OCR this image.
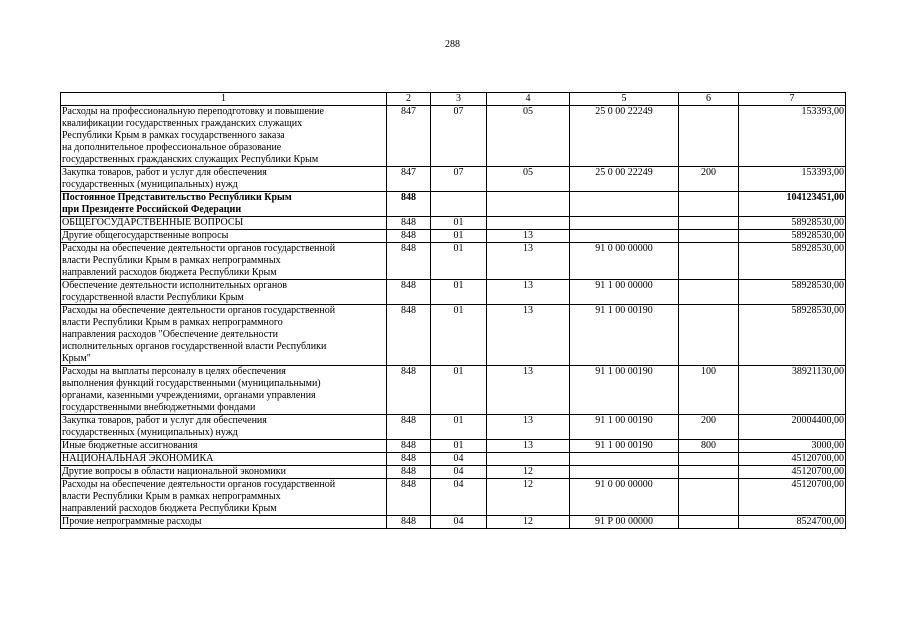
288
1	2	3	4	5	6	7

Расходы на профессиональную переподготовку и повышение
квалификации государственных гражданских служащих
Республики Крым в рамках государственного заказа
на дополнительное профессиональное образование
государственных гражданских служащих Республики Крым	847	07	05	25 0 00 22249		153393,00

Закупка товаров, работ и услуг для обеспечения
государственных (муниципальных) нужд	847	07	05	25 0 00 22249	200	153393,00

Постоянное Представительство Республики Крым
при Президенте Российской Федерации	848					104123451,00

ОБЩЕГОСУДАРСТВЕННЫЕ ВОПРОСЫ	848	01				58928530,00

Другие общегосударственные вопросы	848	01	13			58928530,00

Расходы на обеспечение деятельности органов государственной
власти Республики Крым в рамках непрограммных
направлений расходов бюджета Республики Крым	848	01	13	91 0 00 00000		58928530,00

Обеспечение деятельности исполнительных органов
государственной власти Республики Крым	848	01	13	91 1 00 00000		58928530,00

Расходы на обеспечение деятельности органов государственной
власти Республики Крым в рамках непрограммного
направления расходов "Обеспечение деятельности
исполнительных органов государственной власти Республики
Крым"	848	01	13	91 1 00 00190		58928530,00

Расходы на выплаты персоналу в целях обеспечения
выполнения функций государственными (муниципальными)
органами, казенными учреждениями, органами управления
государственными внебюджетными фондами	848	01	13	91 1 00 00190	100	38921130,00

Закупка товаров, работ и услуг для обеспечения
государственных (муниципальных) нужд	848	01	13	91 1 00 00190	200	20004400,00

Иные бюджетные ассигнования	848	01	13	91 1 00 00190	800	3000,00

НАЦИОНАЛЬНАЯ ЭКОНОМИКА	848	04				45120700,00

Другие вопросы в области национальной экономики	848	04	12			45120700,00

Расходы на обеспечение деятельности органов государственной
власти Республики Крым в рамках непрограммных
направлений расходов бюджета Республики Крым	848	04	12	91 0 00 00000		45120700,00

Прочие непрограммные расходы	848	04	12	91 Р 00 00000		8524700,00
